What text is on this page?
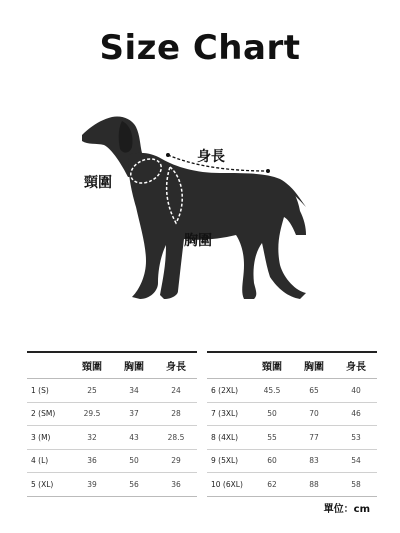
Size Chart
身長
頸圍
胸圍
頸圍	胸圍	身長
1 (S)	25	34	24
2 (SM)	29.5	37	28
3 (M)	32	43	28.5
4 (L)	36	50	29
5 (XL)	39	56	36
頸圍	胸圍	身長
6 (2XL)	45.5	65	40
7 (3XL)	50	70	46
8 (4XL)	55	77	53
9 (5XL)	60	83	54
10 (6XL)	62	88	58
單位：cm
